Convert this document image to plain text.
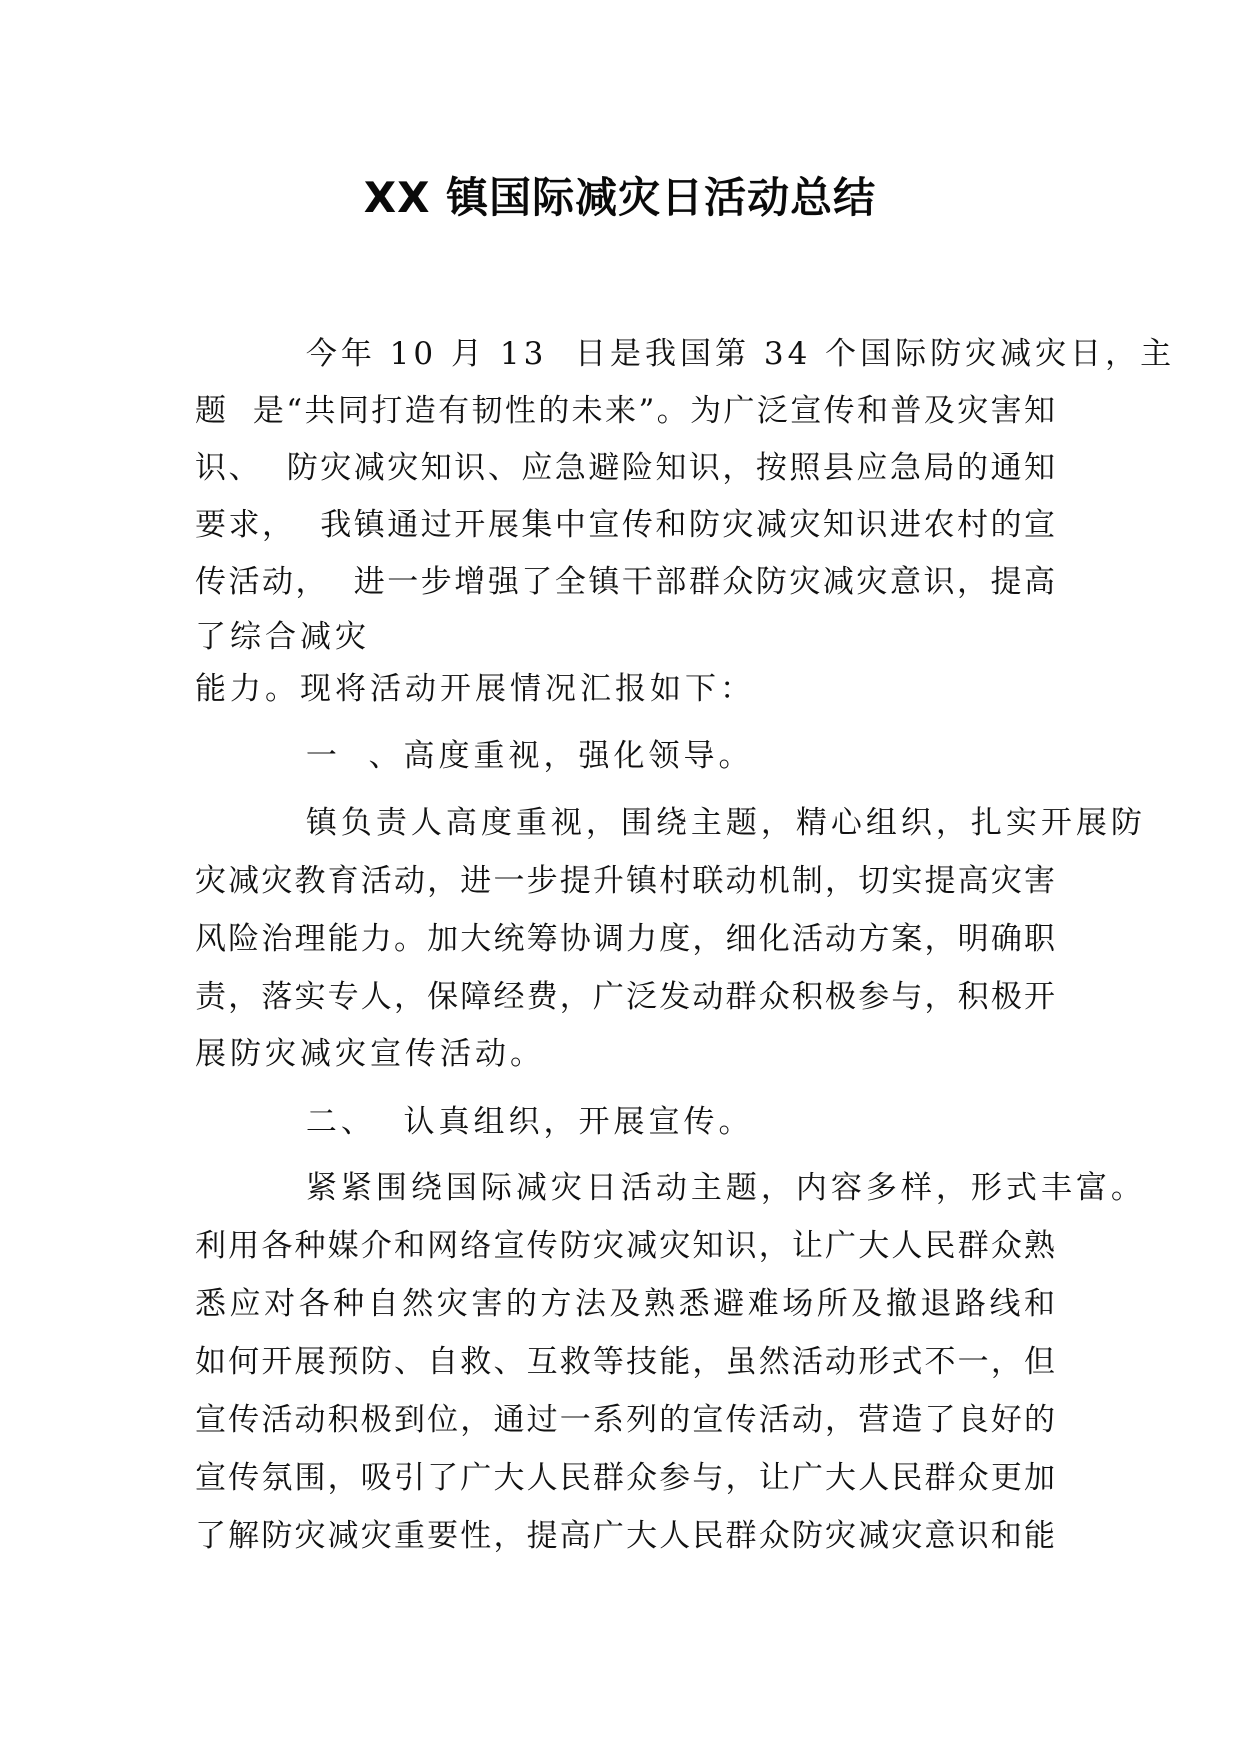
XX 镇国际减灾日活动总结
今年 10 月 13  日是我国第 34 个国际防灾减灾日，主
题  是“共同打造有韧性的未来”。为广泛宣传和普及灾害知
识、  防灾减灾知识、应急避险知识，按照县应急局的通知
要求，  我镇通过开展集中宣传和防灾减灾知识进农村的宣
传活动，  进一步增强了全镇干部群众防灾减灾意识，提高
了综合减灾
能力。现将活动开展情况汇报如下：
一  、高度重视，强化领导。
镇负责人高度重视，围绕主题，精心组织，扎实开展防
灾减灾教育活动，进一步提升镇村联动机制，切实提高灾害
风险治理能力。加大统筹协调力度，细化活动方案，明确职
责，落实专人，保障经费，广泛发动群众积极参与，积极开
展防灾减灾宣传活动。
二、  认真组织，开展宣传。
紧紧围绕国际减灾日活动主题，内容多样，形式丰富。
利用各种媒介和网络宣传防灾减灾知识，让广大人民群众熟
悉应对各种自然灾害的方法及熟悉避难场所及撤退路线和
如何开展预防、自救、互救等技能，虽然活动形式不一，但
宣传活动积极到位，通过一系列的宣传活动，营造了良好的
宣传氛围，吸引了广大人民群众参与，让广大人民群众更加
了解防灾减灾重要性，提高广大人民群众防灾减灾意识和能
